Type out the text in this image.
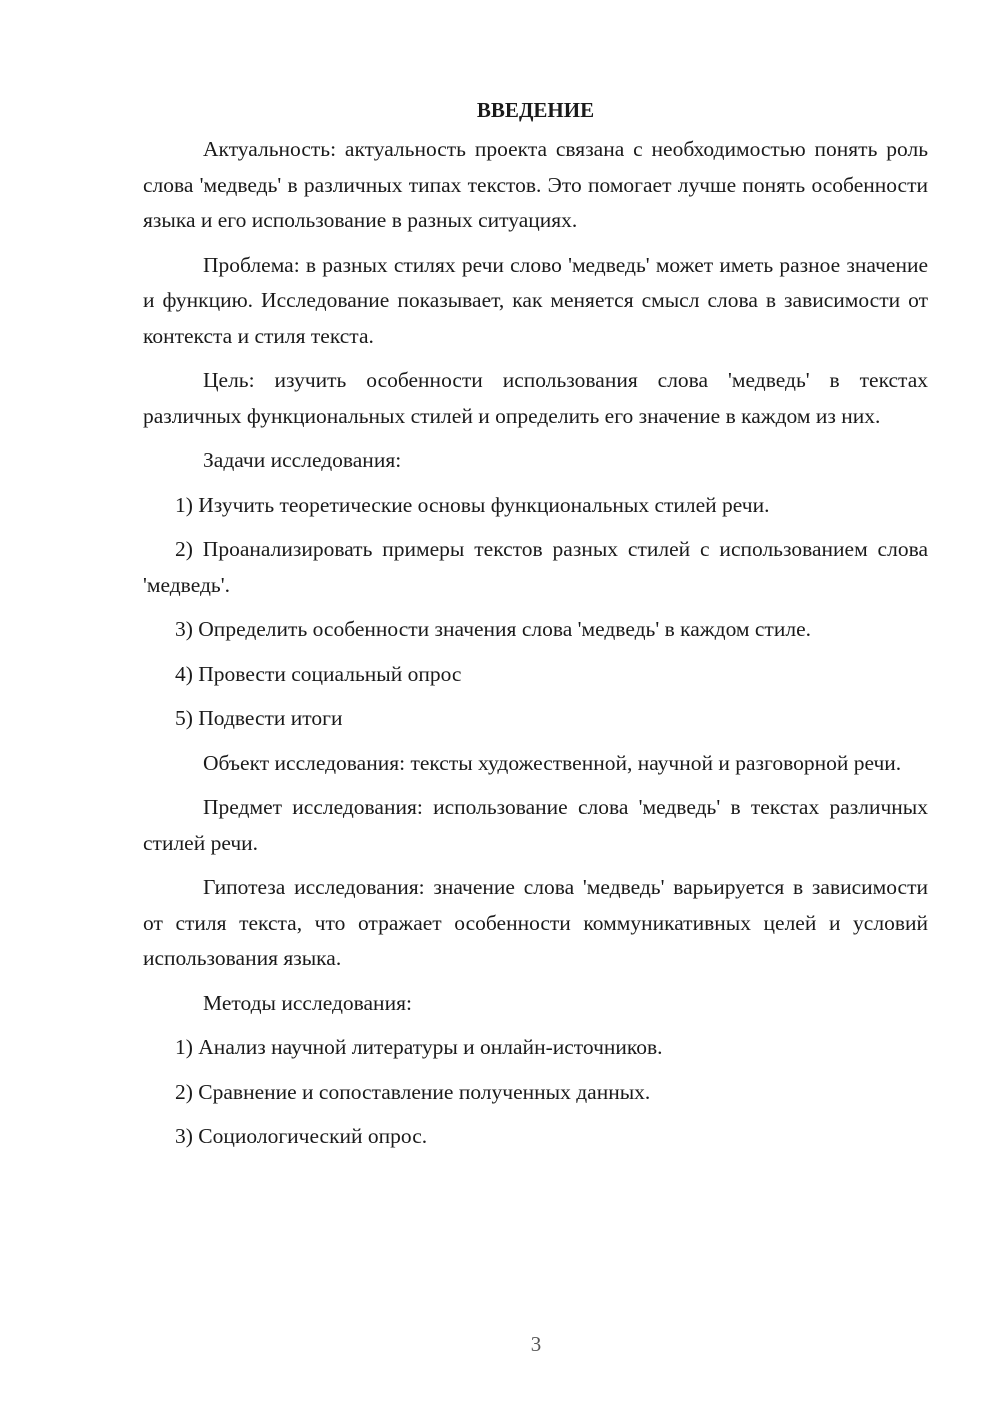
ВВЕДЕНИЕ

Актуальность: актуальность проекта связана с необходимостью понять роль слова 'медведь' в различных типах текстов. Это помогает лучше понять особенности языка и его использование в разных ситуациях.

Проблема: в разных стилях речи слово 'медведь' может иметь разное значение и функцию. Исследование показывает, как меняется смысл слова в зависимости от контекста и стиля текста.

Цель: изучить особенности использования слова 'медведь' в текстах различных функциональных стилей и определить его значение в каждом из них.

Задачи исследования:

1) Изучить теоретические основы функциональных стилей речи.

2) Проанализировать примеры текстов разных стилей с использованием слова 'медведь'.

3) Определить особенности значения слова 'медведь' в каждом стиле.

4) Провести социальный опрос

5) Подвести итоги

Объект исследования: тексты художественной, научной и разговорной речи.

Предмет исследования: использование слова 'медведь' в текстах различных стилей речи.

Гипотеза исследования: значение слова 'медведь' варьируется в зависимости от стиля текста, что отражает особенности коммуникативных целей и условий использования языка.

Методы исследования:

1) Анализ научной литературы и онлайн-источников.

2) Сравнение и сопоставление полученных данных.

3) Социологический опрос.

3
